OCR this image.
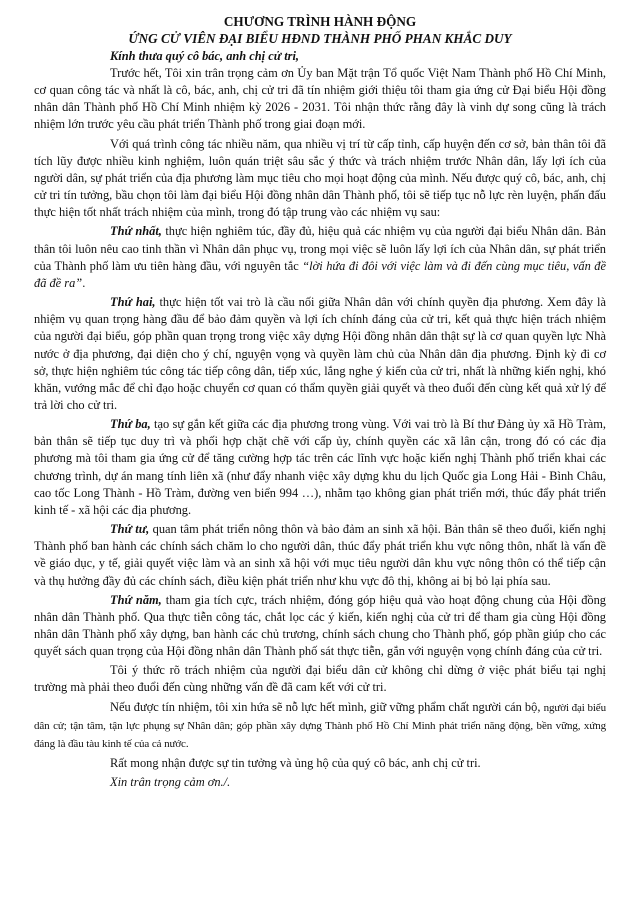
CHƯƠNG TRÌNH HÀNH ĐỘNG
ỨNG CỬ VIÊN ĐẠI BIỂU HĐND THÀNH PHỐ PHAN KHẮC DUY
Kính thưa quý cô bác, anh chị cử tri,

Trước hết, Tôi xin trân trọng cảm ơn Ủy ban Mặt trận Tổ quốc Việt Nam Thành phố Hồ Chí Minh, cơ quan công tác và nhất là cô, bác, anh, chị cử tri đã tín nhiệm giới thiệu tôi tham gia ứng cử Đại biểu Hội đồng nhân dân Thành phố Hồ Chí Minh nhiệm kỳ 2026 - 2031. Tôi nhận thức rằng đây là vinh dự song cũng là trách nhiệm lớn trước yêu cầu phát triển Thành phố trong giai đoạn mới.

Với quá trình công tác nhiều năm, qua nhiều vị trí từ cấp tỉnh, cấp huyện đến cơ sở, bản thân tôi đã tích lũy được nhiều kinh nghiệm, luôn quán triệt sâu sắc ý thức và trách nhiệm trước Nhân dân, lấy lợi ích của người dân, sự phát triển của địa phương làm mục tiêu cho mọi hoạt động của mình. Nếu được quý cô, bác, anh, chị cử tri tín tưởng, bầu chọn tôi làm đại biểu Hội đồng nhân dân Thành phố, tôi sẽ tiếp tục nỗ lực rèn luyện, phấn đấu thực hiện tốt nhất trách nhiệm của mình, trong đó tập trung vào các nhiệm vụ sau:

Thứ nhất, thực hiện nghiêm túc, đầy đủ, hiệu quả các nhiệm vụ của người đại biểu Nhân dân. Bản thân tôi luôn nêu cao tinh thần vì Nhân dân phục vụ, trong mọi việc sẽ luôn lấy lợi ích của Nhân dân, sự phát triển của Thành phố làm ưu tiên hàng đầu, với nguyên tắc “lời hứa đi đôi với việc làm và đi đến cùng mục tiêu, vấn đề đã đề ra”.

Thứ hai, thực hiện tốt vai trò là cầu nối giữa Nhân dân với chính quyền địa phương. Xem đây là nhiệm vụ quan trọng hàng đầu để bảo đảm quyền và lợi ích chính đáng của cử tri, kết quả thực hiện trách nhiệm của người đại biểu, góp phần quan trọng trong việc xây dựng Hội đồng nhân dân thật sự là cơ quan quyền lực Nhà nước ở địa phương, đại diện cho ý chí, nguyện vọng và quyền làm chủ của Nhân dân địa phương. Định kỳ đi cơ sở, thực hiện nghiêm túc công tác tiếp công dân, tiếp xúc, lắng nghe ý kiến của cử tri, nhất là những kiến nghị, khó khăn, vướng mắc để chỉ đạo hoặc chuyển cơ quan có thẩm quyền giải quyết và theo đuổi đến cùng kết quả xử lý để trả lời cho cử tri.

Thứ ba, tạo sự gắn kết giữa các địa phương trong vùng. Với vai trò là Bí thư Đảng ủy xã Hồ Tràm, bản thân sẽ tiếp tục duy trì và phối hợp chặt chẽ với cấp ủy, chính quyền các xã lân cận, trong đó có các địa phương mà tôi tham gia ứng cử để tăng cường hợp tác trên các lĩnh vực hoặc kiến nghị Thành phố triển khai các chương trình, dự án mang tính liên xã (như đẩy nhanh việc xây dựng khu du lịch Quốc gia Long Hải - Bình Châu, cao tốc Long Thành - Hồ Tràm, đường ven biển 994 …), nhằm tạo không gian phát triển mới, thúc đẩy phát triển kinh tế - xã hội các địa phương.

Thứ tư, quan tâm phát triển nông thôn và bảo đảm an sinh xã hội. Bản thân sẽ theo đuổi, kiến nghị Thành phố ban hành các chính sách chăm lo cho người dân, thúc đẩy phát triển khu vực nông thôn, nhất là vấn đề về giáo dục, y tế, giải quyết việc làm và an sinh xã hội với mục tiêu người dân khu vực nông thôn có thể tiếp cận và thụ hưởng đầy đủ các chính sách, điều kiện phát triển như khu vực đô thị, không ai bị bỏ lại phía sau.

Thứ năm, tham gia tích cực, trách nhiệm, đóng góp hiệu quả vào hoạt động chung của Hội đồng nhân dân Thành phố. Qua thực tiễn công tác, chắt lọc các ý kiến, kiến nghị của cử tri để tham gia cùng Hội đồng nhân dân Thành phố xây dựng, ban hành các chủ trương, chính sách chung cho Thành phố, góp phần giúp cho các quyết sách quan trọng của Hội đồng nhân dân Thành phố sát thực tiễn, gắn với nguyện vọng chính đáng của cử tri.

Tôi ý thức rõ trách nhiệm của người đại biểu dân cử không chỉ dừng ở việc phát biểu tại nghị trường mà phải theo đuổi đến cùng những vấn đề đã cam kết với cử tri.

Nếu được tín nhiệm, tôi xin hứa sẽ nỗ lực hết mình, giữ vững phẩm chất người cán bộ, người đại biểu dân cử; tận tâm, tận lực phụng sự Nhân dân; góp phần xây dựng Thành phố Hồ Chí Minh phát triển năng động, bền vững, xứng đáng là đầu tàu kinh tế của cả nước.

Rất mong nhận được sự tin tưởng và ủng hộ của quý cô bác, anh chị cử tri.

Xin trân trọng cảm ơn./.
